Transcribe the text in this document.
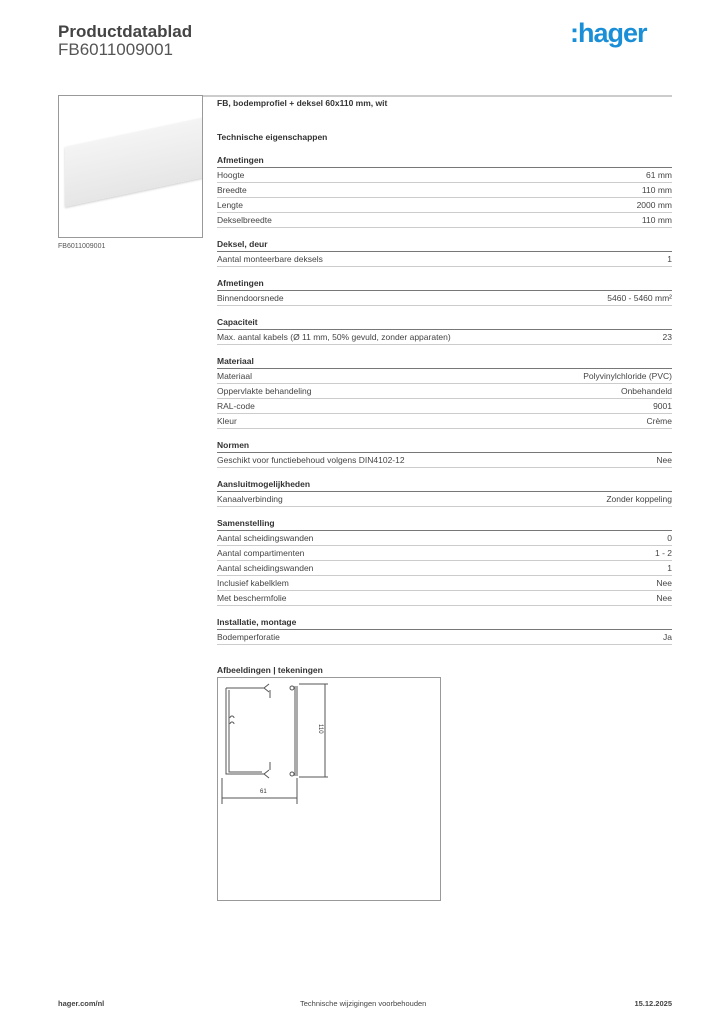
Productdatablad
FB6011009001
:hager
FB6011009001
FB, bodemprofiel + deksel 60x110 mm, wit
Technische eigenschappen
Afmetingen
Hoogte	61 mm
Breedte	110 mm
Lengte	2000 mm
Dekselbreedte	110 mm
Deksel, deur
Aantal monteerbare deksels	1
Afmetingen
Binnendoorsnede	5460 - 5460 mm²
Capaciteit
Max. aantal kabels (Ø 11 mm, 50% gevuld, zonder apparaten)	23
Materiaal
Materiaal	Polyvinylchloride (PVC)
Oppervlakte behandeling	Onbehandeld
RAL-code	9001
Kleur	Crème
Normen
Geschikt voor functiebehoud volgens DIN4102-12	Nee
Aansluitmogelijkheden
Kanaalverbinding	Zonder koppeling
Samenstelling
Aantal scheidingswanden	0
Aantal compartimenten	1 - 2
Aantal scheidingswanden	1
Inclusief kabelklem	Nee
Met beschermfolie	Nee
Installatie, montage
Bodemperforatie	Ja
Afbeeldingen | tekeningen
61
110
hager.com/nl	Technische wijzigingen voorbehouden	15.12.2025
